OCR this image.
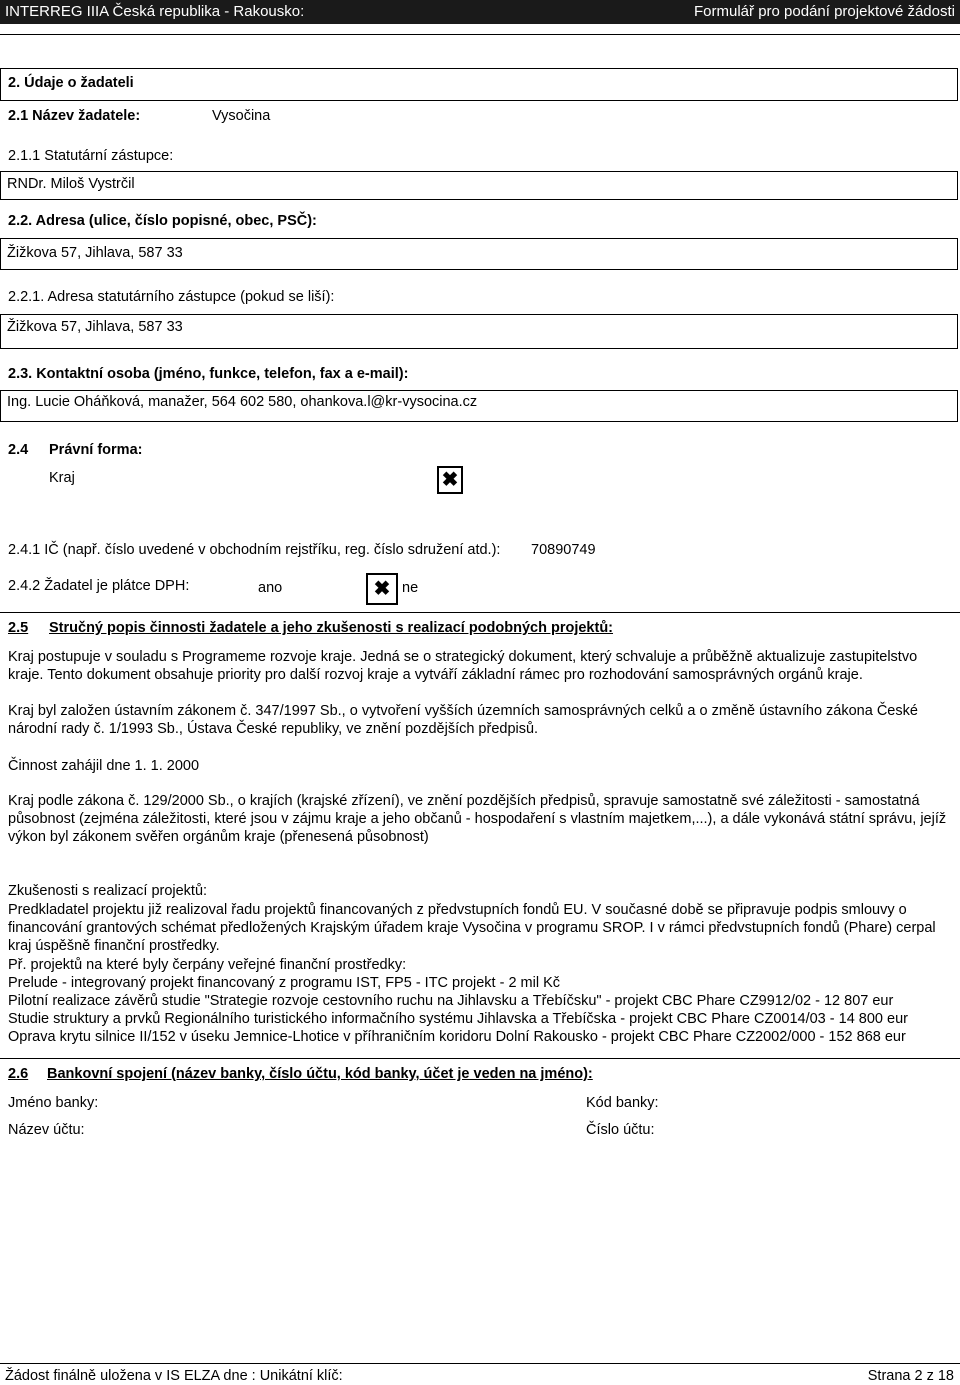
INTERREG IIIA Česká republika - Rakousko:	Formulář pro podání projektové žádosti
2. Údaje o žadateli
2.1 Název žadatele:	Vysočina
2.1.1 Statutární zástupce:
RNDr. Miloš Vystrčil
2.2. Adresa (ulice, číslo popisné, obec, PSČ):
Žižkova 57, Jihlava, 587 33
2.2.1. Adresa statutárního zástupce (pokud se liší):
Žižkova 57, Jihlava, 587 33
2.3. Kontaktní osoba (jméno, funkce, telefon, fax a e-mail):
Ing. Lucie Oháňková, manažer, 564 602 580, ohankova.l@kr-vysocina.cz
2.4 Právní forma:
Kraj	✖
2.4.1 IČ (např. číslo uvedené v obchodním rejstříku, reg. číslo sdružení atd.): 70890749
2.4.2 Žadatel je plátce DPH:	ano	✖ ne
2.5 Stručný popis činnosti žadatele a jeho zkušenosti s realizací podobných projektů:
Kraj postupuje v souladu s Programeme rozvoje kraje. Jedná se o strategický dokument, který schvaluje a průběžně aktualizuje zastupitelstvo kraje. Tento dokument obsahuje priority pro další rozvoj kraje a vytváří základní rámec pro rozhodování samosprávných orgánů kraje.
Kraj byl založen ústavním zákonem č. 347/1997 Sb., o vytvoření vyšších územních samosprávných celků a o změně ústavního zákona České národní rady č. 1/1993 Sb., Ústava České republiky, ve znění pozdějších předpisů.
Činnost zahájil dne 1. 1. 2000
Kraj podle zákona č. 129/2000 Sb., o krajích (krajské zřízení), ve znění pozdějších předpisů, spravuje samostatně své záležitosti - samostatná působnost (zejména záležitosti, které jsou v zájmu kraje a jeho občanů - hospodaření s vlastním majetkem,...), a dále vykonává státní správu, jejíž výkon byl zákonem svěřen orgánům kraje (přenesená působnost)
Zkušenosti s realizací projektů:
Predkladatel projektu již realizoval řadu projektů financovaných z předvstupních fondů EU. V současné době se připravuje podpis smlouvy o financování grantových schémat předložených Krajským úřadem kraje Vysočina v programu SROP. I v rámci předvstupních fondů (Phare) cerpal kraj úspěšně finanční prostředky.
Př. projektů na které byly čerpány veřejné finanční prostředky:
Prelude - integrovaný projekt financovaný z programu IST, FP5 - ITC projekt - 2 mil Kč
Pilotní realizace závěrů studie "Strategie rozvoje cestovního ruchu na Jihlavsku a Třebíčsku" - projekt CBC Phare CZ9912/02 - 12 807 eur
Studie struktury a prvků Regionálního turistického informačního systému Jihlavska a Třebíčska - projekt CBC Phare CZ0014/03 - 14 800 eur
Oprava krytu silnice II/152 v úseku Jemnice-Lhotice v příhraničním koridoru Dolní Rakousko - projekt CBC Phare CZ2002/000 - 152 868 eur
2.6 Bankovní spojení (název banky, číslo účtu, kód banky, účet je veden na jméno):
Jméno banky:	Kód banky:
Název účtu:	Číslo účtu:
Žádost finálně uložena v IS ELZA dne : Unikátní klíč:	Strana 2 z 18
